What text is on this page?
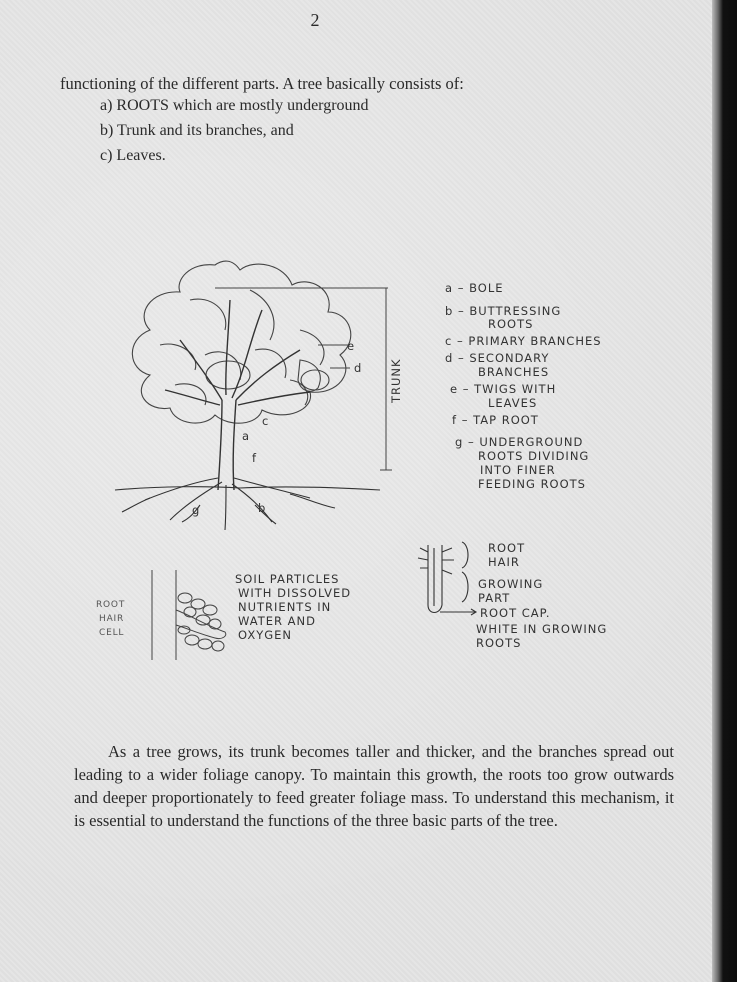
2

functioning of the different parts. A tree basically consists of:

a) ROOTS which are mostly underground
b) Trunk and its branches, and
c) Leaves.
TRUNK
a
b
c
d
e
f
g
a – BOLE
b – BUTTRESSING
ROOTS
c – PRIMARY BRANCHES
d – SECONDARY
BRANCHES
e – TWIGS WITH
LEAVES
f – TAP ROOT
g – UNDERGROUND
ROOTS DIVIDING
INTO FINER
FEEDING ROOTS
ROOT
HAIR
CELL
SOIL PARTICLES
WITH DISSOLVED
NUTRIENTS IN
WATER AND
OXYGEN
ROOT
HAIR
GROWING
PART
ROOT CAP.
WHITE IN GROWING
ROOTS

As a tree grows, its trunk becomes taller and thicker, and the branches spread out leading to a wider foliage canopy. To maintain this growth, the roots too grow outwards and deeper proportionately to feed greater foliage mass. To understand this mechanism, it is essential to understand the functions of the three basic parts of the tree.
